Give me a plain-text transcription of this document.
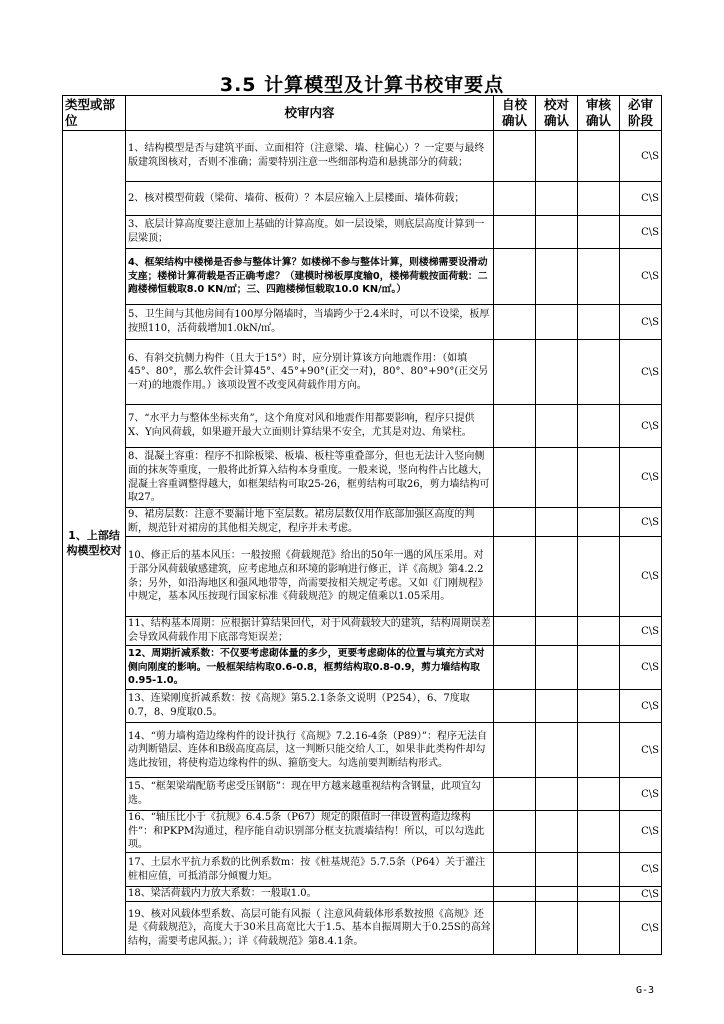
3.5 计算模型及计算书校审要点
类型或部位	校审内容	自校确认	校对确认	审核确认	必审阶段
1、上部结构模型校对	1、结构模型是否与建筑平面、立面相符（注意梁、墙、柱偏心）？一定要与最终版建筑图核对，否则不准确；需要特别注意一些细部构造和悬挑部分的荷载；				C\S
	2、核对模型荷载（梁荷、墙荷、板荷）？本层应输入上层楼面、墙体荷载；				C\S
	3、底层计算高度要注意加上基础的计算高度。如一层设梁，则底层高度计算到一层梁顶；				C\S
	4、框架结构中楼梯是否参与整体计算？如楼梯不参与整体计算，则楼梯需要设滑动支座；楼梯计算荷载是否正确考虑？（建模时梯板厚度输0，楼梯荷载按面荷载：二跑楼梯恒载取8.0 KN/㎡；三、四跑楼梯恒载取10.0 KN/㎡。）				C\S
	5、卫生间与其他房间有100厚分隔墙时，当墙跨少于2.4米时，可以不设梁，板厚按照110，活荷载增加1.0kN/㎡。				C\S
	6、有斜交抗侧力构件（且大于15°）时，应分别计算该方向地震作用：（如填45°、80°，那么软件会计算45°、45°+90°(正交一对)，80°、80°+90°(正交另一对)的地震作用。）该项设置不改变风荷载作用方向。				C\S
	7、“水平力与整体坐标夹角”，这个角度对风和地震作用都要影响，程序只提供X、Y向风荷载，如果避开最大立面则计算结果不安全，尤其是对边、角梁柱。				C\S
	8、混凝土容重：程序不扣除板梁、板墙、板柱等重叠部分，但也无法计入竖向侧面的抹灰等重度，一般将此折算入结构本身重度。一般来说，竖向构件占比越大，混凝土容重调整得越大，如框架结构可取25-26，框剪结构可取26，剪力墙结构可取27。				C\S
	9、裙房层数：注意不要漏计地下室层数。裙房层数仅用作底部加强区高度的判断，规范针对裙房的其他相关规定，程序并未考虑。				C\S
	10、修正后的基本风压：一般按照《荷载规范》给出的50年一遇的风压采用。对于部分风荷载敏感建筑，应考虑地点和环境的影响进行修正，详《高规》第4.2.2条；另外，如沿海地区和强风地带等，尚需要按相关规定考虑。又如《门刚规程》中规定，基本风压按现行国家标准《荷载规范》的规定值乘以1.05采用。				C\S
	11、结构基本周期：应根据计算结果回代，对于风荷载较大的建筑，结构周期误差会导致风荷载作用下底部弯矩误差；				C\S
	12、周期折减系数：不仅要考虑砌体量的多少，更要考虑砌体的位置与填充方式对侧向刚度的影响。一般框架结构取0.6-0.8，框剪结构取0.8-0.9，剪力墙结构取0.95-1.0。				C\S
	13、连梁刚度折减系数：按《高规》第5.2.1条条文说明（P254），6、7度取0.7，8、9度取0.5。				C\S
	14、“剪力墙构造边缘构件的设计执行《高规》7.2.16-4条（P89）”：程序无法自动判断错层、连体和B级高度高层，这一判断只能交给人工，如果非此类构件却勾选此按钮，将使构造边缘构件的纵、箍筋变大。勾选前要判断结构形式。				C\S
	15、“框架梁端配筋考虑受压钢筋”：现在甲方越来越重视结构含钢量，此项宜勾选。				C\S
	16、“轴压比小于《抗规》6.4.5条（P67）规定的限值时一律设置构造边缘构件”：和PKPM沟通过，程序能自动识别部分框支抗震墙结构！所以，可以勾选此项。				C\S
	17、土层水平抗力系数的比例系数m：按《桩基规范》5.7.5条（P64）关于灌注桩相应值，可抵消部分倾覆力矩。				C\S
	18、梁活荷载内力放大系数：一般取1.0。				C\S
	19、核对风载体型系数、高层可能有风振（ 注意风荷载体形系数按照《高规》还是《荷载规范》，高度大于30米且高宽比大于1.5、基本自振周期大于0.25S的高耸结构，需要考虑风振。）；详《荷载规范》第8.4.1条。				C\S
G-3
